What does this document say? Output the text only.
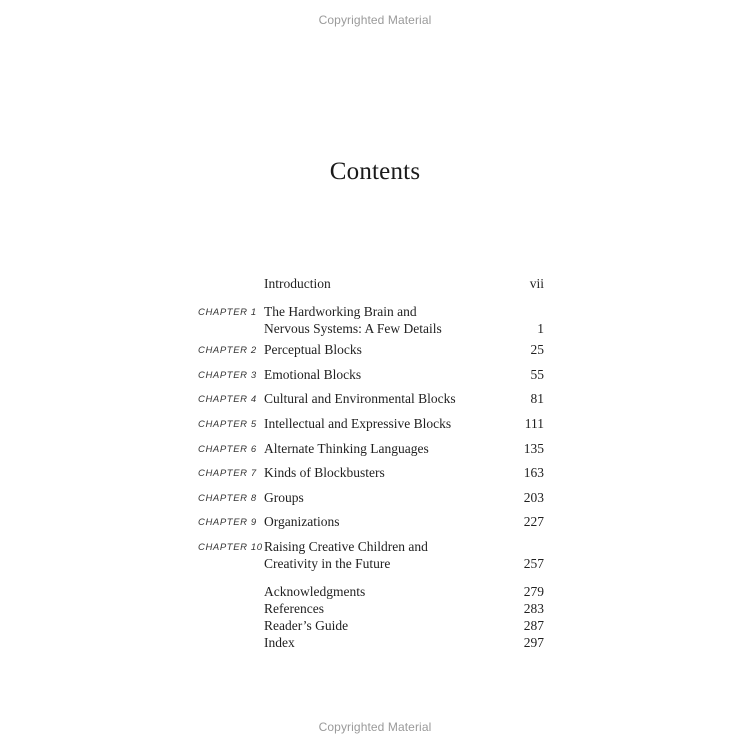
Copyrighted Material
Copyrighted Material
Contents
Introduction	vii
CHAPTER 1 The Hardworking Brain and
Nervous Systems: A Few Details	1
CHAPTER 2 Perceptual Blocks	25
CHAPTER 3 Emotional Blocks	55
CHAPTER 4 Cultural and Environmental Blocks	81
CHAPTER 5 Intellectual and Expressive Blocks	111
CHAPTER 6 Alternate Thinking Languages	135
CHAPTER 7 Kinds of Blockbusters	163
CHAPTER 8 Groups	203
CHAPTER 9 Organizations	227
CHAPTER 10 Raising Creative Children and
Creativity in the Future	257
Acknowledgments	279
References	283
Reader’s Guide	287
Index	297
